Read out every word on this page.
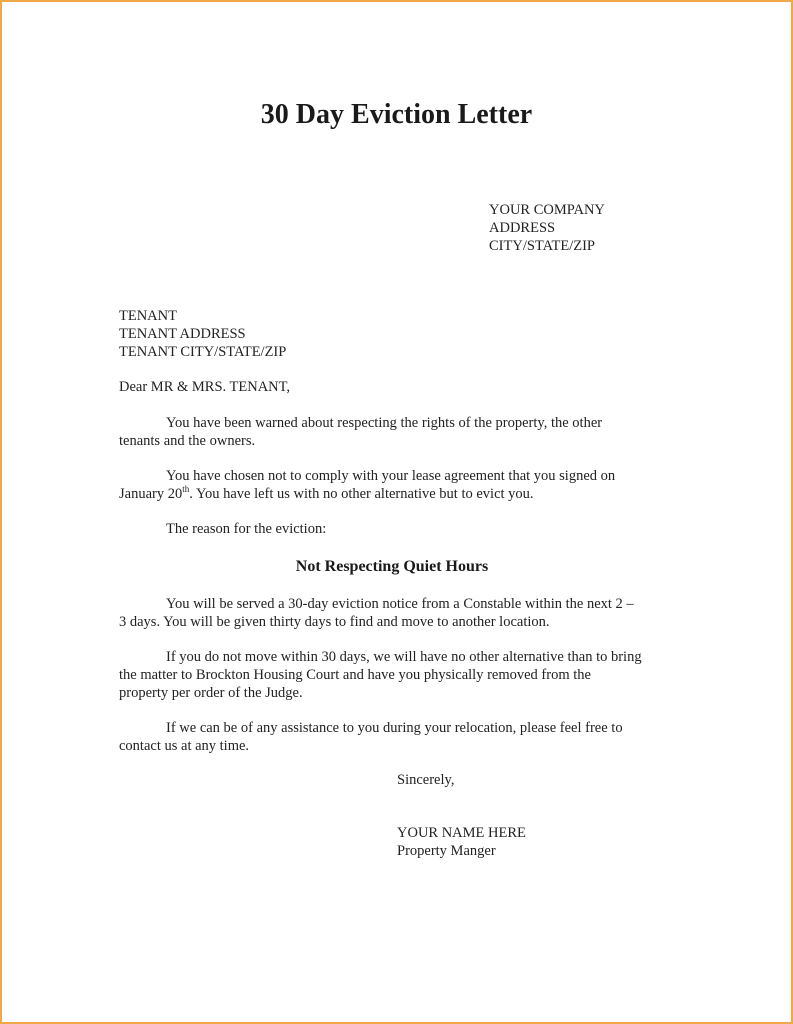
30 Day Eviction Letter
YOUR COMPANY
ADDRESS
CITY/STATE/ZIP
TENANT
TENANT ADDRESS
TENANT CITY/STATE/ZIP
Dear MR & MRS. TENANT,
You have been warned about respecting the rights of the property, the other
tenants and the owners.
You have chosen not to comply with your lease agreement that you signed on
January 20th. You have left us with no other alternative but to evict you.
The reason for the eviction:
Not Respecting Quiet Hours
You will be served a 30-day eviction notice from a Constable within the next 2 –
3 days. You will be given thirty days to find and move to another location.
If you do not move within 30 days, we will have no other alternative than to bring
the matter to Brockton Housing Court and have you physically removed from the
property per order of the Judge.
If we can be of any assistance to you during your relocation, please feel free to
contact us at any time.
Sincerely,
YOUR NAME HERE
Property Manger
